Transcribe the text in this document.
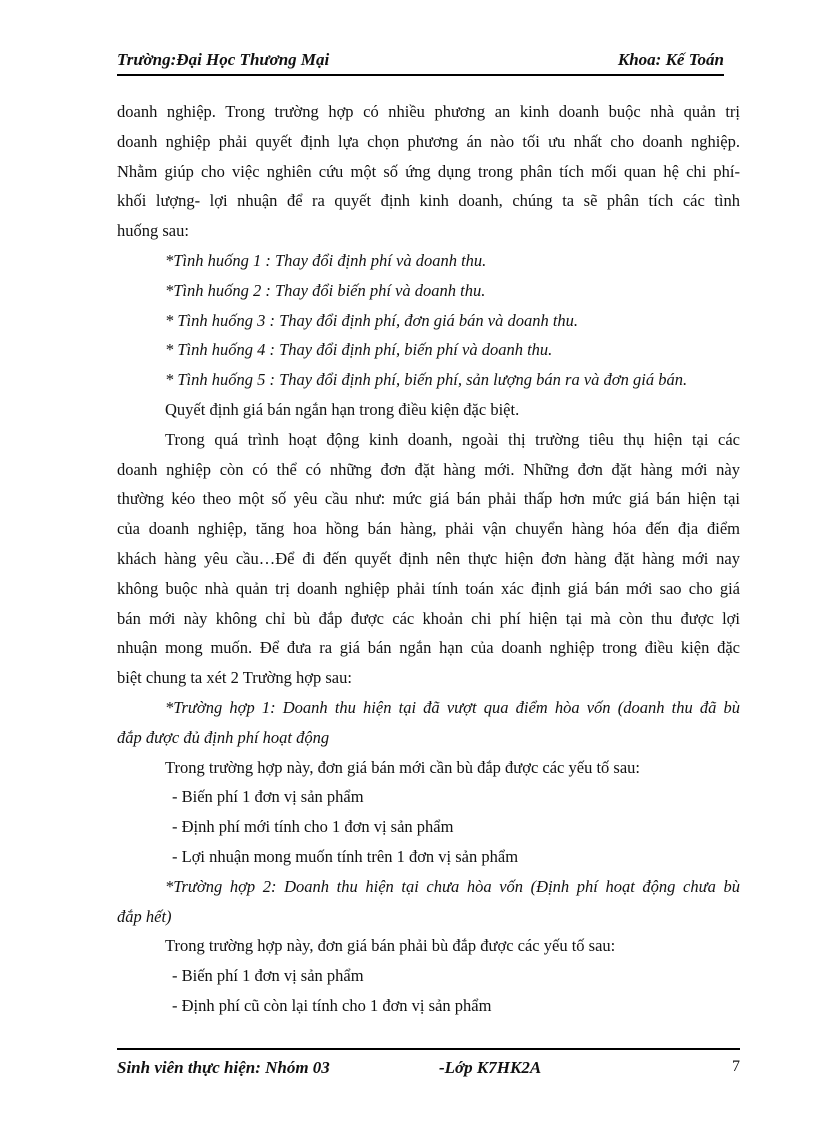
Trường:Đại Học Thương Mại	Khoa: Kế Toán
doanh nghiệp. Trong trường hợp có nhiều phương an kinh doanh buộc nhà quản trị
doanh nghiệp phải quyết định lựa chọn phương án nào tối ưu nhất cho doanh nghiệp.
Nhằm giúp cho việc nghiên cứu một số ứng dụng trong phân tích mối quan hệ chi phí-
khối lượng- lợi nhuận để ra quyết định kinh doanh, chúng ta sẽ phân tích các tình
huống sau:
*Tình huống 1 : Thay đổi định phí và doanh thu.
*Tình huống 2 : Thay đổi biến phí và doanh thu.
* Tình huống 3 : Thay đổi định phí, đơn giá bán và doanh thu.
* Tình huống 4 : Thay đổi định phí, biến phí và doanh thu.
* Tình huống 5 : Thay đổi định phí, biến phí, sản lượng bán ra và đơn giá bán.
Quyết định giá bán ngắn hạn trong điều kiện đặc biệt.
Trong quá trình hoạt động kinh doanh, ngoài thị trường tiêu thụ hiện tại các
doanh nghiệp còn có thể có những đơn đặt hàng mới. Những đơn đặt hàng mới này
thường kéo theo một số yêu cầu như: mức giá bán phải thấp hơn mức giá bán hiện tại
của doanh nghiệp, tăng hoa hồng bán hàng, phải vận chuyển hàng hóa đến địa điểm
khách hàng yêu cầu…Để đi đến quyết định nên thực hiện đơn hàng đặt hàng mới nay
không buộc nhà quản trị doanh nghiệp phải tính toán xác định giá bán mới sao cho giá
bán mới này không chỉ bù đắp được các khoản chi phí hiện tại mà còn thu được lợi
nhuận mong muốn. Để đưa ra giá bán ngắn hạn của doanh nghiệp trong điều kiện đặc
biệt chung ta xét 2 Trường hợp sau:
*Trường hợp 1: Doanh thu hiện tại đã vượt qua điểm hòa vốn (doanh thu đã bù
đắp được đủ định phí hoạt động
Trong trường hợp này, đơn giá bán mới cần bù đắp được các yếu tố sau:
- Biến phí 1 đơn vị sản phẩm
- Định phí mới tính cho 1 đơn vị sản phẩm
- Lợi nhuận mong muốn tính trên 1 đơn vị sản phẩm
*Trường hợp 2: Doanh thu hiện tại chưa hòa vốn (Định phí hoạt động chưa bù
đắp hết)
Trong trường hợp này, đơn giá bán phải bù đắp được các yếu tố sau:
- Biến phí 1 đơn vị sản phẩm
- Định phí cũ còn lại tính cho 1 đơn vị sản phẩm
Sinh viên thực hiện: Nhóm 03	-Lớp K7HK2A	7
